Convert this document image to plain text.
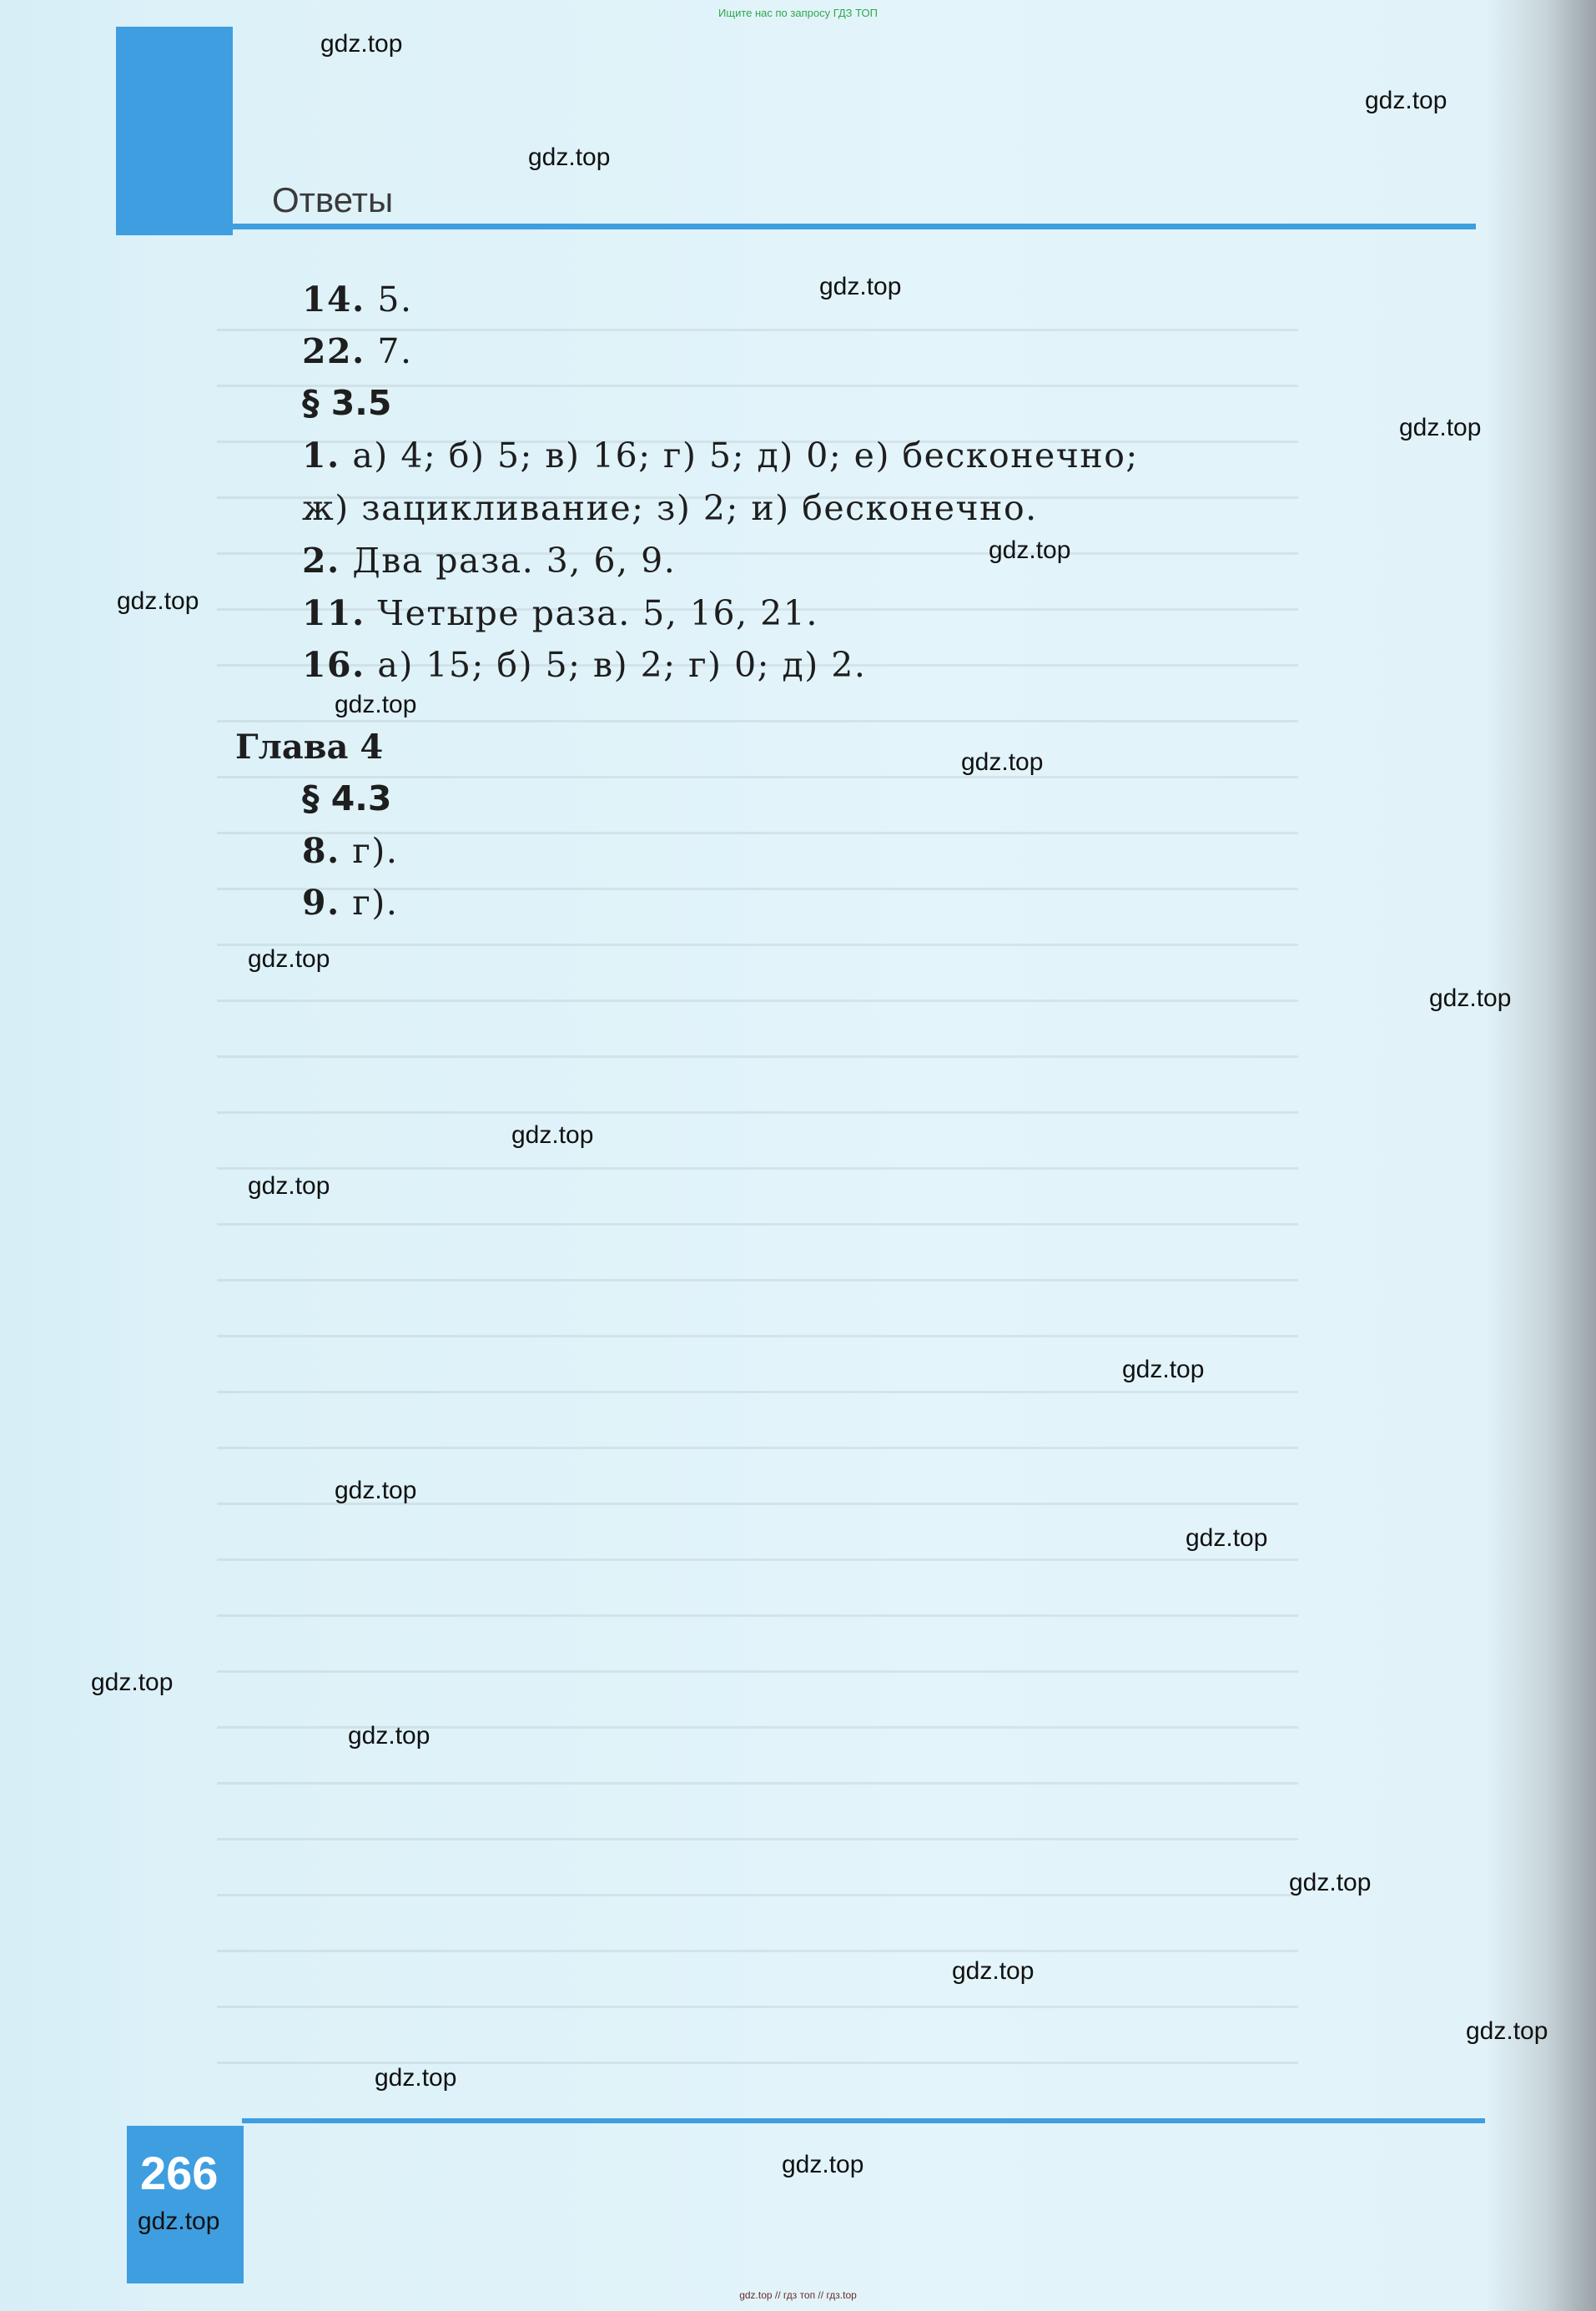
Ищите нас по запросу ГДЗ ТОП
Ответы
14. 5.
22. 7.
§ 3.5
1. а) 4; б) 5; в) 16; г) 5; д) 0; е) бесконечно;
ж) зацикливание; з) 2; и) бесконечно.
2. Два раза. 3, 6, 9.
11. Четыре раза. 5, 16, 21.
16. а) 15; б) 5; в) 2; г) 0; д) 2.
Глава 4
§ 4.3
8. г).
9. г).
gdz.top
gdz.top
gdz.top
gdz.top
gdz.top
gdz.top
gdz.top
gdz.top
gdz.top
gdz.top
gdz.top
gdz.top
gdz.top
gdz.top
gdz.top
gdz.top
gdz.top
gdz.top
gdz.top
gdz.top
gdz.top
gdz.top
gdz.top
266
gdz.top
gdz.top // гдз топ // гдз.top
